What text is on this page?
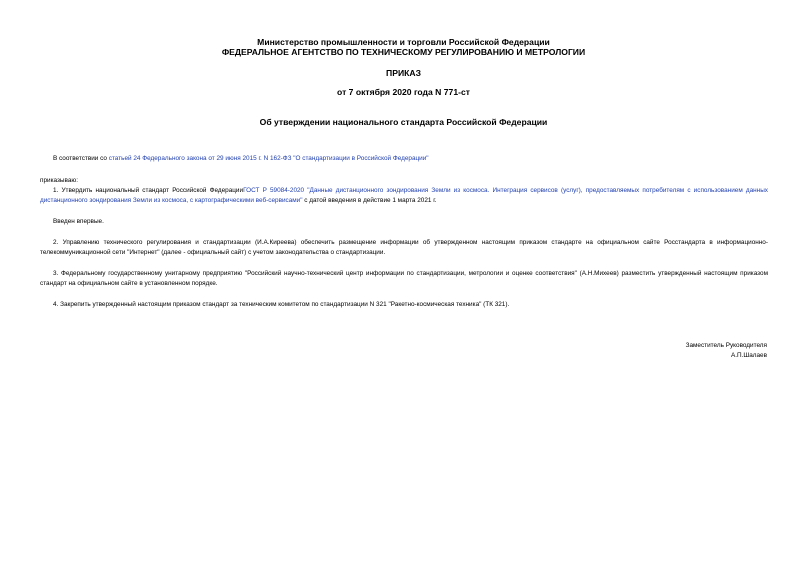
Министерство промышленности и торговли Российской Федерации
ФЕДЕРАЛЬНОЕ АГЕНТСТВО ПО ТЕХНИЧЕСКОМУ РЕГУЛИРОВАНИЮ И МЕТРОЛОГИИ
ПРИКАЗ
от 7 октября 2020 года N 771-ст
Об утверждении национального стандарта Российской Федерации
В соответствии со статьей 24 Федерального закона от 29 июня 2015 г. N 162-ФЗ "О стандартизации в Российской Федерации"
приказываю:
1. Утвердить национальный стандарт Российской ФедерацииГОСТ Р 59084-2020 "Данные дистанционного зондирования Земли из космоса. Интеграция сервисов (услуг), предоставляемых потребителям с использованием данных дистанционного зондирования Земли из космоса, с картографическими веб-сервисами" с датой введения в действие 1 марта 2021 г.
Введен впервые.
2. Управлению технического регулирования и стандартизации (И.А.Киреева) обеспечить размещение информации об утвержденном настоящим приказом стандарте на официальном сайте Росстандарта в информационно-телекоммуникационной сети "Интернет" (далее - официальный сайт) с учетом законодательства о стандартизации.
3. Федеральному государственному унитарному предприятию "Российский научно-технический центр информации по стандартизации, метрологии и оценке соответствия" (А.Н.Михеев) разместить утвержденный настоящим приказом стандарт на официальном сайте в установленном порядке.
4. Закрепить утвержденный настоящим приказом стандарт за техническим комитетом по стандартизации N 321 "Ракетно-космическая техника" (ТК 321).
Заместитель Руководителя
А.П.Шалаев
